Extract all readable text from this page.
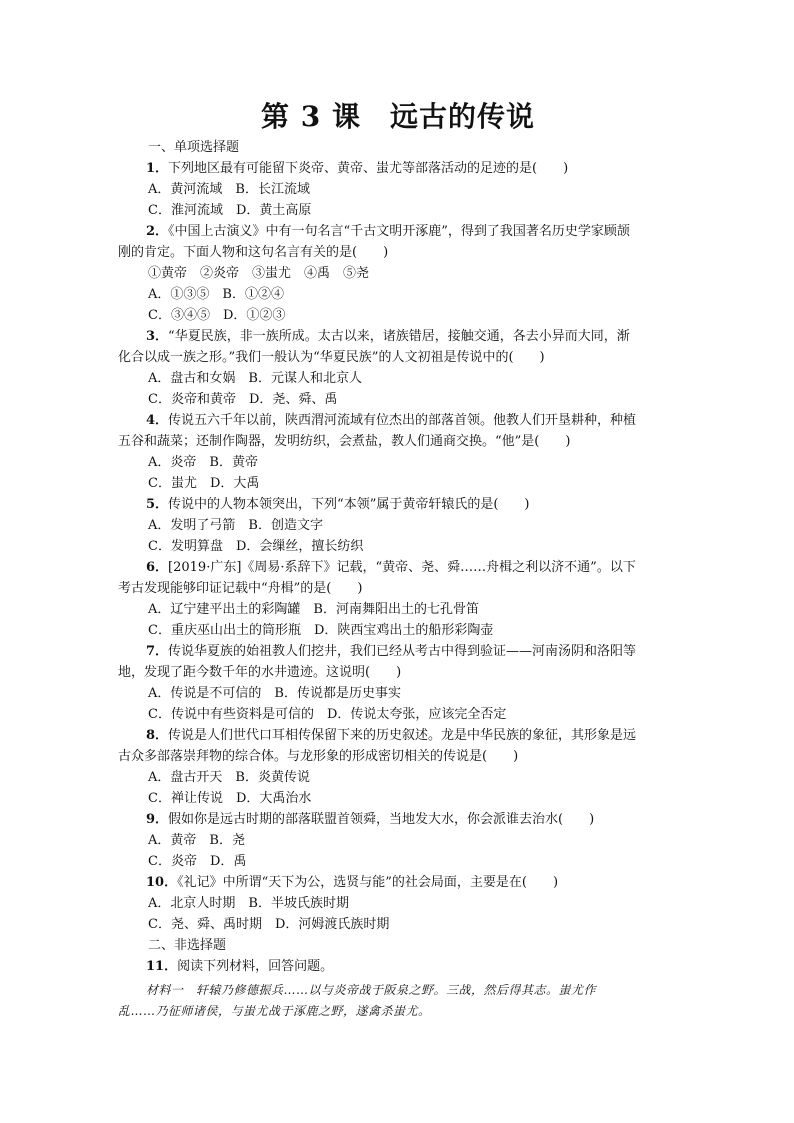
第 3 课　远古的传说
一、单项选择题
1．下列地区最有可能留下炎帝、黄帝、蚩尤等部落活动的足迹的是(　　)
A．黄河流域　B．长江流域
C．淮河流域　D．黄土高原
2．《中国上古演义》中有一句名言“千古文明开涿鹿”，得到了我国著名历史学家顾颉
刚的肯定。下面人物和这句名言有关的是(　　)
①黄帝　②炎帝　③蚩尤　④禹　⑤尧
A．①③⑤　B．①②④
C．③④⑤　D．①②③
3．“华夏民族，非一族所成。太古以来，诸族错居，接触交通，各去小异而大同，渐
化合以成一族之形。”我们一般认为“华夏民族”的人文初祖是传说中的(　　)
A．盘古和女娲　B．元谋人和北京人
C．炎帝和黄帝　D．尧、舜、禹
4．传说五六千年以前，陕西渭河流域有位杰出的部落首领。他教人们开垦耕种，种植
五谷和蔬菜；还制作陶器，发明纺织，会煮盐，教人们通商交换。“他”是(　　)
A．炎帝　B．黄帝
C．蚩尤　D．大禹
5．传说中的人物本领突出，下列“本领”属于黄帝轩辕氏的是(　　)
A．发明了弓箭　B．创造文字
C．发明算盘　D．会缫丝，擅长纺织
6．[2019·广东]《周易·系辞下》记载，“黄帝、尧、舜……舟楫之利以济不通”。以下
考古发现能够印证记载中“舟楫”的是(　　)
A．辽宁建平出土的彩陶罐　B．河南舞阳出土的七孔骨笛
C．重庆巫山出土的筒形瓶　D．陕西宝鸡出土的船形彩陶壶
7．传说华夏族的始祖教人们挖井，我们已经从考古中得到验证——河南汤阴和洛阳等
地，发现了距今数千年的水井遗迹。这说明(　　)
A．传说是不可信的　B．传说都是历史事实
C．传说中有些资料是可信的　D．传说太夸张，应该完全否定
8．传说是人们世代口耳相传保留下来的历史叙述。龙是中华民族的象征，其形象是远
古众多部落崇拜物的综合体。与龙形象的形成密切相关的传说是(　　)
A．盘古开天　B．炎黄传说
C．禅让传说　D．大禹治水
9．假如你是远古时期的部落联盟首领舜，当地发大水，你会派谁去治水(　　)
A．黄帝　B．尧
C．炎帝　D．禹
10．《礼记》中所谓“天下为公，选贤与能”的社会局面，主要是在(　　)
A．北京人时期　B．半坡氏族时期
C．尧、舜、禹时期　D．河姆渡氏族时期
二、非选择题
11．阅读下列材料，回答问题。
材料一　轩辕乃修德振兵……以与炎帝战于阪泉之野。三战，然后得其志。蚩尤作
乱……乃征师诸侯，与蚩尤战于涿鹿之野，遂禽杀蚩尤。
